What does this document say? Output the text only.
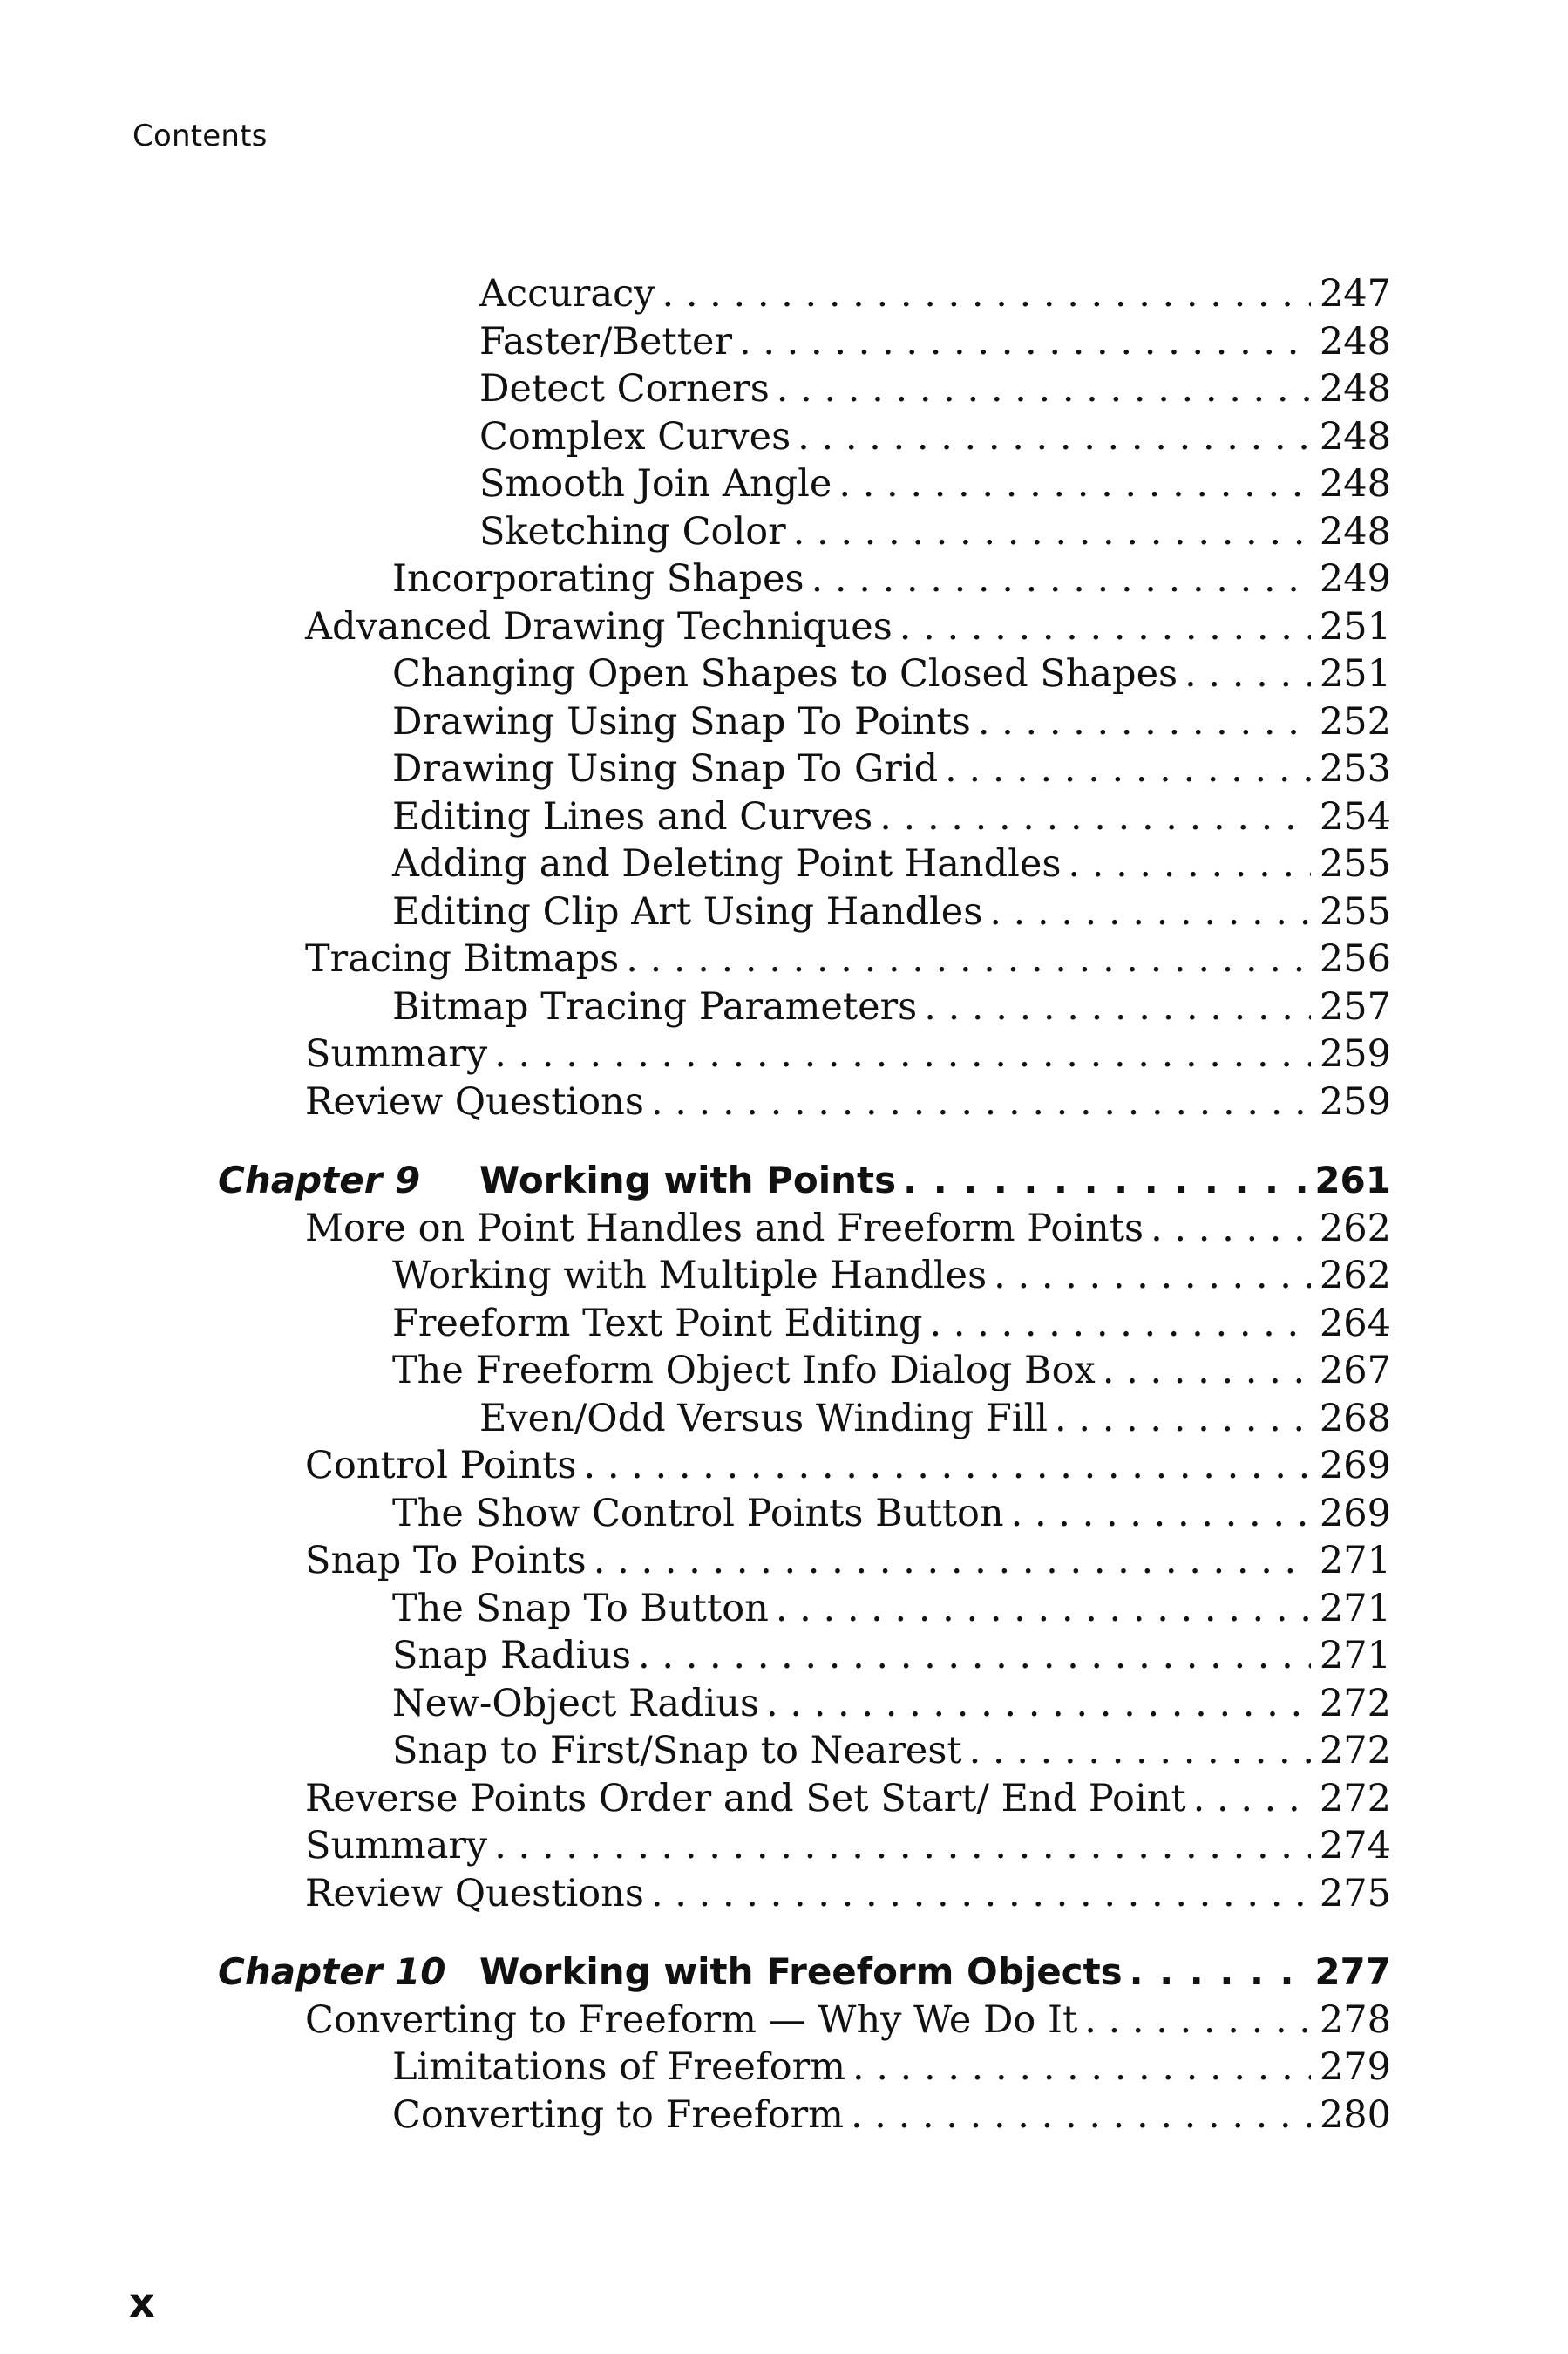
Contents
Accuracy . . .	247
Faster/Better . . .	248
Detect Corners . . .	248
Complex Curves . . .	248
Smooth Join Angle . . .	248
Sketching Color . . .	248
Incorporating Shapes . . .	249
Advanced Drawing Techniques . . .	251
Changing Open Shapes to Closed Shapes . . .	251
Drawing Using Snap To Points . . .	252
Drawing Using Snap To Grid . . .	253
Editing Lines and Curves . . .	254
Adding and Deleting Point Handles . . .	255
Editing Clip Art Using Handles . . .	255
Tracing Bitmaps . . .	256
Bitmap Tracing Parameters . . .	257
Summary . . .	259
Review Questions . . .	259
Chapter 9	Working with Points . . .	261
More on Point Handles and Freeform Points . . .	262
Working with Multiple Handles . . .	262
Freeform Text Point Editing . . .	264
The Freeform Object Info Dialog Box . . .	267
Even/Odd Versus Winding Fill . . .	268
Control Points . . .	269
The Show Control Points Button . . .	269
Snap To Points . . .	271
The Snap To Button . . .	271
Snap Radius . . .	271
New-Object Radius . . .	272
Snap to First/Snap to Nearest . . .	272
Reverse Points Order and Set Start/ End Point . . .	272
Summary . . .	274
Review Questions . . .	275
Chapter 10 Working with Freeform Objects . . .	277
Converting to Freeform — Why We Do It . . .	278
Limitations of Freeform . . .	279
Converting to Freeform . . .	280
x
